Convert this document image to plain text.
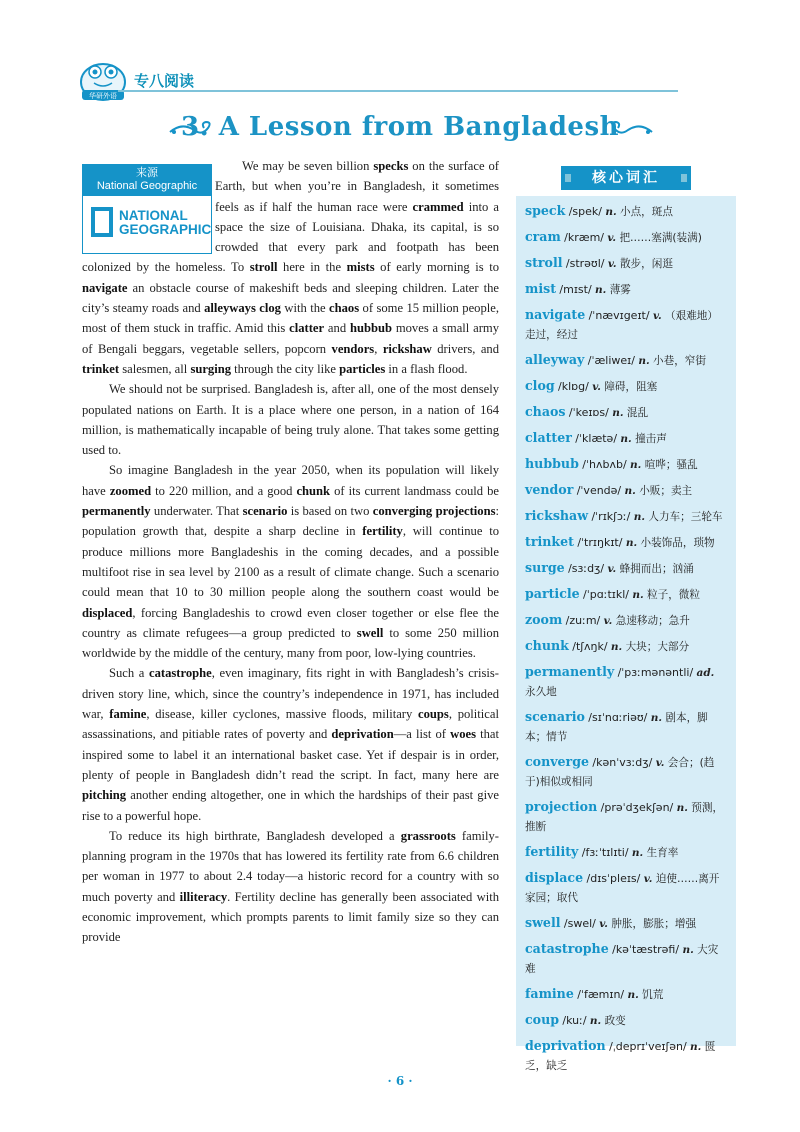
华研外语
专八阅读
3. A Lesson from Bangladesh
来源
National Geographic
NATIONAL
GEOGRAPHIC

We may be seven billion specks on the surface of Earth, but when you’re in Bangladesh, it sometimes feels as if half the human race were crammed into a space the size of Louisiana. Dhaka, its capital, is so crowded that every park and footpath has been colonized by the homeless. To stroll here in the mists of early morning is to navigate an obstacle course of makeshift beds and sleeping children. Later the city’s steamy roads and alleyways clog with the chaos of some 15 million people, most of them stuck in traffic. Amid this clatter and hubbub moves a small army of Bengali beggars, vegetable sellers, popcorn vendors, rickshaw drivers, and trinket salesmen, all surging through the city like particles in a flash flood.

We should not be surprised. Bangladesh is, after all, one of the most densely populated nations on Earth. It is a place where one person, in a nation of 164 million, is mathematically incapable of being truly alone. That takes some getting used to.

So imagine Bangladesh in the year 2050, when its population will likely have zoomed to 220 million, and a good chunk of its current landmass could be permanently underwater. That scenario is based on two converging projections: population growth that, despite a sharp decline in fertility, will continue to produce millions more Bangladeshis in the coming decades, and a possible multifoot rise in sea level by 2100 as a result of climate change. Such a scenario could mean that 10 to 30 million people along the southern coast would be displaced, forcing Bangladeshis to crowd even closer together or else flee the country as climate refugees—a group predicted to swell to some 250 million worldwide by the middle of the century, many from poor, low-lying countries.

Such a catastrophe, even imaginary, fits right in with Bangladesh’s crisis-driven story line, which, since the country’s independence in 1971, has included war, famine, disease, killer cyclones, massive floods, military coups, political assassinations, and pitiable rates of poverty and deprivation—a list of woes that inspired some to label it an international basket case. Yet if despair is in order, plenty of people in Bangladesh didn’t read the script. In fact, many here are pitching another ending altogether, one in which the hardships of their past give rise to a powerful hope.

To reduce its high birthrate, Bangladesh developed a grassroots family-planning program in the 1970s that has lowered its fertility rate from 6.6 children per woman in 1977 to about 2.4 today—a historic record for a country with so much poverty and illiteracy. Fertility decline has generally been associated with economic improvement, which prompts parents to limit family size so they can provide

核心词汇
speck /spek/ n. 小点，斑点
cram /kræm/ v. 把……塞满(装满)
stroll /strəʊl/ v. 散步，闲逛
mist /mɪst/ n. 薄雾
navigate /ˈnævɪgeɪt/ v. （艰难地）走过，经过
alleyway /ˈæliweɪ/ n. 小巷，窄街
clog /klɒg/ v. 障碍，阻塞
chaos /ˈkeɪɒs/ n. 混乱
clatter /ˈklætə/ n. 撞击声
hubbub /ˈhʌbʌb/ n. 喧哗；骚乱
vendor /ˈvendə/ n. 小贩；卖主
rickshaw /ˈrɪkʃɔː/ n. 人力车；三轮车
trinket /ˈtrɪŋkɪt/ n. 小装饰品，琐物
surge /sɜːdʒ/ v. 蜂拥而出；汹涌
particle /ˈpɑːtɪkl/ n. 粒子，微粒
zoom /zuːm/ v. 急速移动；急升
chunk /tʃʌŋk/ n. 大块；大部分
permanently /ˈpɜːmənəntli/ ad. 永久地
scenario /sɪˈnɑːriəʊ/ n. 剧本，脚本；情节
converge /kənˈvɜːdʒ/ v. 会合；(趋于)相似或相同
projection /prəˈdʒekʃən/ n. 预测，推断
fertility /fɜːˈtɪlɪti/ n. 生育率
displace /dɪsˈpleɪs/ v. 迫使……离开家园；取代
swell /swel/ v. 肿胀，膨胀；增强
catastrophe /kəˈtæstrəfi/ n. 大灾难
famine /ˈfæmɪn/ n. 饥荒
coup /kuː/ n. 政变
deprivation /ˌdeprɪˈveɪʃən/ n. 匮乏，缺乏
· 6 ·
